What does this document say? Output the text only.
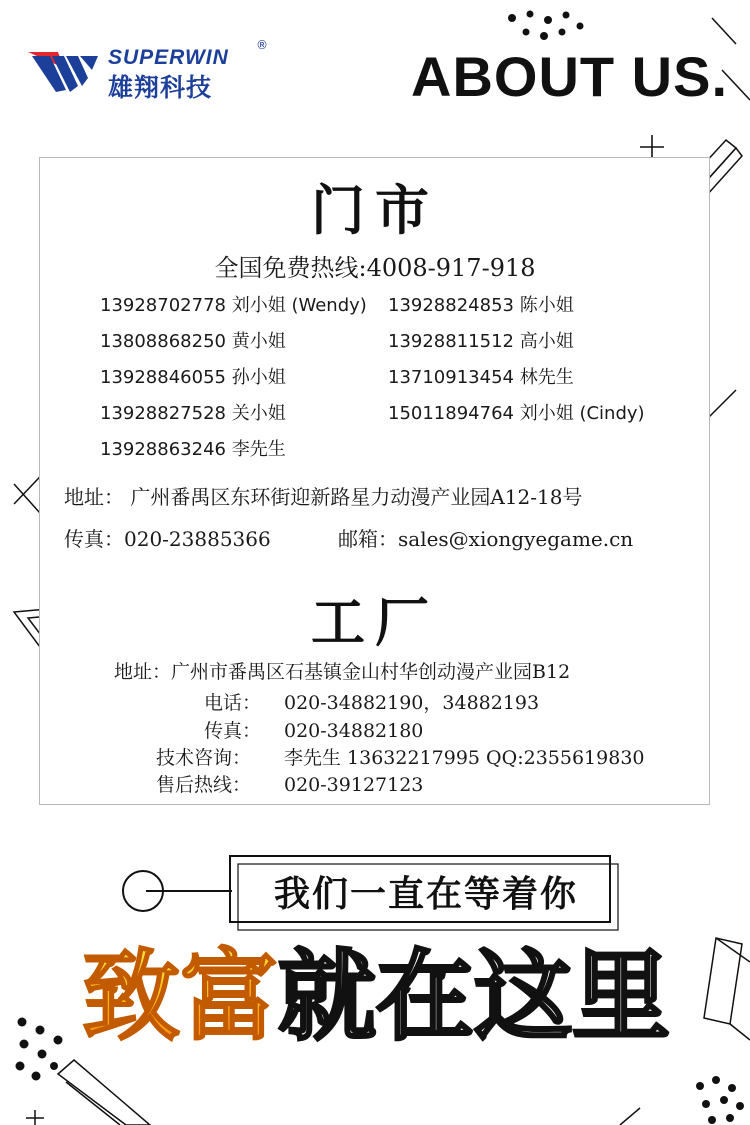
SUPERWIN
®
雄翔科技	ABOUT US.
门市
全国免费热线:4008-917-918
13928702778 刘小姐 (Wendy) 13928824853 陈小姐
13808868250 黄小姐	13928811512 高小姐
13928846055 孙小姐	13710913454 林先生
13928827528 关小姐	15011894764 刘小姐 (Cindy)
13928863246 李先生
地址： 广州番禺区东环街迎新路星力动漫产业园A12-18号
传真：020-23885366	邮箱：sales@xiongyegame.cn
工厂
地址：广州市番禺区石基镇金山村华创动漫产业园B12
电话： 020-34882190，34882193
传真： 020-34882180
技术咨询： 李先生 13632217995 QQ:2355619830
售后热线： 020-39127123
我们一直在等着你
致富就在这里
